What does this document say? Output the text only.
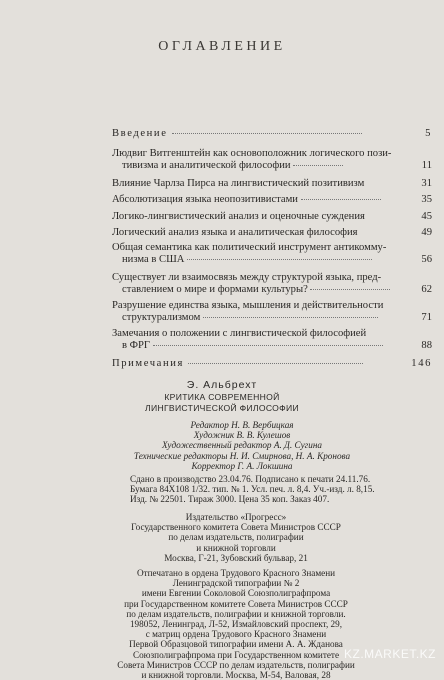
ОГЛАВЛЕНИЕ
Введение	5
Людвиг Витгенштейн как основоположник логического пози-
тивизма и аналитической философии	11
Влияние Чарлза Пирса на лингвистический позитивизм	31
Абсолютизация языка неопозитивистами	35
Логико-лингвистический анализ и оценочные суждения	45
Логический анализ языка и аналитическая философия	49
Общая семантика как политический инструмент антикомму-
низма в США	56
Существует ли взаимосвязь между структурой языка, пред-
ставлением о мире и формами культуры?	62
Разрушение единства языка, мышления и действительности
структурализмом	71
Замечания о положении с лингвистической философией
в ФРГ	88
Примечания	146
Э. Альбрехт
КРИТИКА СОВРЕМЕННОЙ
ЛИНГВИСТИЧЕСКОЙ ФИЛОСОФИИ
Редактор Н. В. Вербицкая
Художник В. В. Кулешов
Художественный редактор А. Д. Сугина
Технические редакторы Н. И. Смирнова, Н. А. Кронова
Корректор Г. А. Локшина
Сдано в производство 23.04.76. Подписано к печати 24.11.76.
Бумага 84X108 1/32. тип. № 1. Усл. печ. л. 8,4. Уч.-изд. л. 8,15.
Изд. № 22501. Тираж 3000. Цена 35 коп. Заказ 407.
Издательство «Прогресс»
Государственного комитета Совета Министров СССР
по делам издательств, полиграфии
и книжной торговли
Москва, Г-21, Зубовский бульвар, 21
Отпечатано в ордена Трудового Красного Знамени
Ленинградской типографии № 2
имени Евгении Соколовой Союзполиграфпрома
при Государственном комитете Совета Министров СССР
по делам издательств, полиграфии и книжной торговли.
198052, Ленинград, Л-52, Измайловский проспект, 29,
с матриц ордена Трудового Красного Знамени
Первой Образцовой типографии имени А. А. Жданова
Союзполиграфпрома при Государственном комитете
Совета Министров СССР по делам издательств, полиграфии
и книжной торговли. Москва, М-54, Валовая, 28
KZ.MARKET.KZ
